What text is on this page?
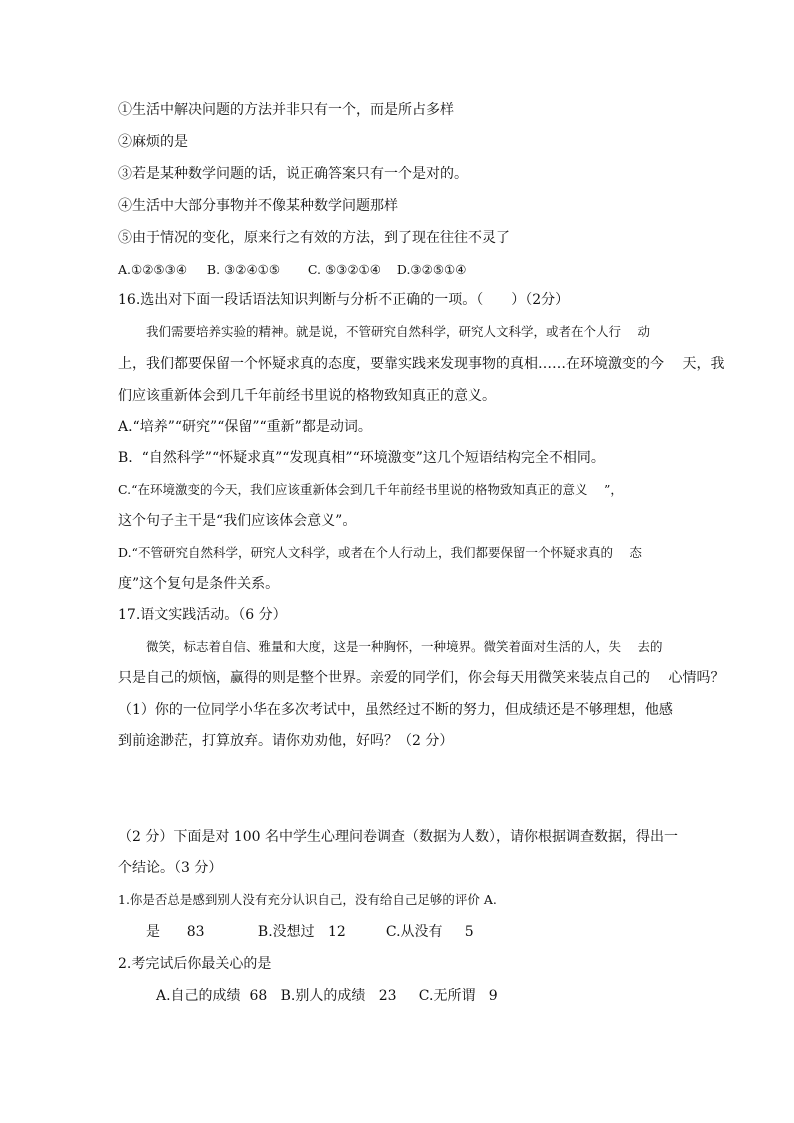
①生活中解决问题的方法并非只有一个，而是所占多样
②麻烦的是
③若是某种数学问题的话，说正确答案只有一个是对的。
④生活中大部分事物并不像某种数学问题那样
⑤由于情况的变化，原来行之有效的方法，到了现在往往不灵了
A.①②⑤③④     B. ③②④①⑤       C. ⑤③②①④    D.③②⑤①④
16.选出对下面一段话语法知识判断与分析不正确的一项。（　　）（2分）
我们需要培养实验的精神。就是说，不管研究自然科学，研究人文科学，或者在个人行　 动
上，我们都要保留一个怀疑求真的态度，要靠实践来发现事物的真相……在环境激变的今　 天，我
们应该重新体会到几千年前经书里说的格物致知真正的意义。
A.“培养”“研究”“保留”“重新”都是动词。
B.  “自然科学”“怀疑求真”“发现真相”“环境激变”这几个短语结构完全不相同。
C.“在环境激变的今天，我们应该重新体会到几千年前经书里说的格物致知真正的意义　 ”，
这个句子主干是“我们应该体会意义”。
D.“不管研究自然科学，研究人文科学，或者在个人行动上，我们都要保留一个怀疑求真的　 态
度”这个复句是条件关系。
17.语文实践活动。（6 分）
微笑，标志着自信、雅量和大度，这是一种胸怀，一种境界。微笑着面对生活的人，失　 去的
只是自己的烦恼，赢得的则是整个世界。亲爱的同学们，你会每天用微笑来装点自己的　 心情吗？
（1）你的一位同学小华在多次考试中，虽然经过不断的努力，但成绩还是不够理想，他感
到前途渺茫，打算放弃。请你劝劝他，好吗？（2 分）
（2 分）下面是对 100 名中学生心理问卷调查（数据为人数），请你根据调查数据，得出一
个结论。（3 分）
1.你是否总是感到别人没有充分认识自己，没有给自己足够的评价 A.
是      83            B.没想过   12         C.从没有     5
2.考完试后你最关心的是
A.自己的成绩  68   B.别人的成绩   23     C.无所谓   9
